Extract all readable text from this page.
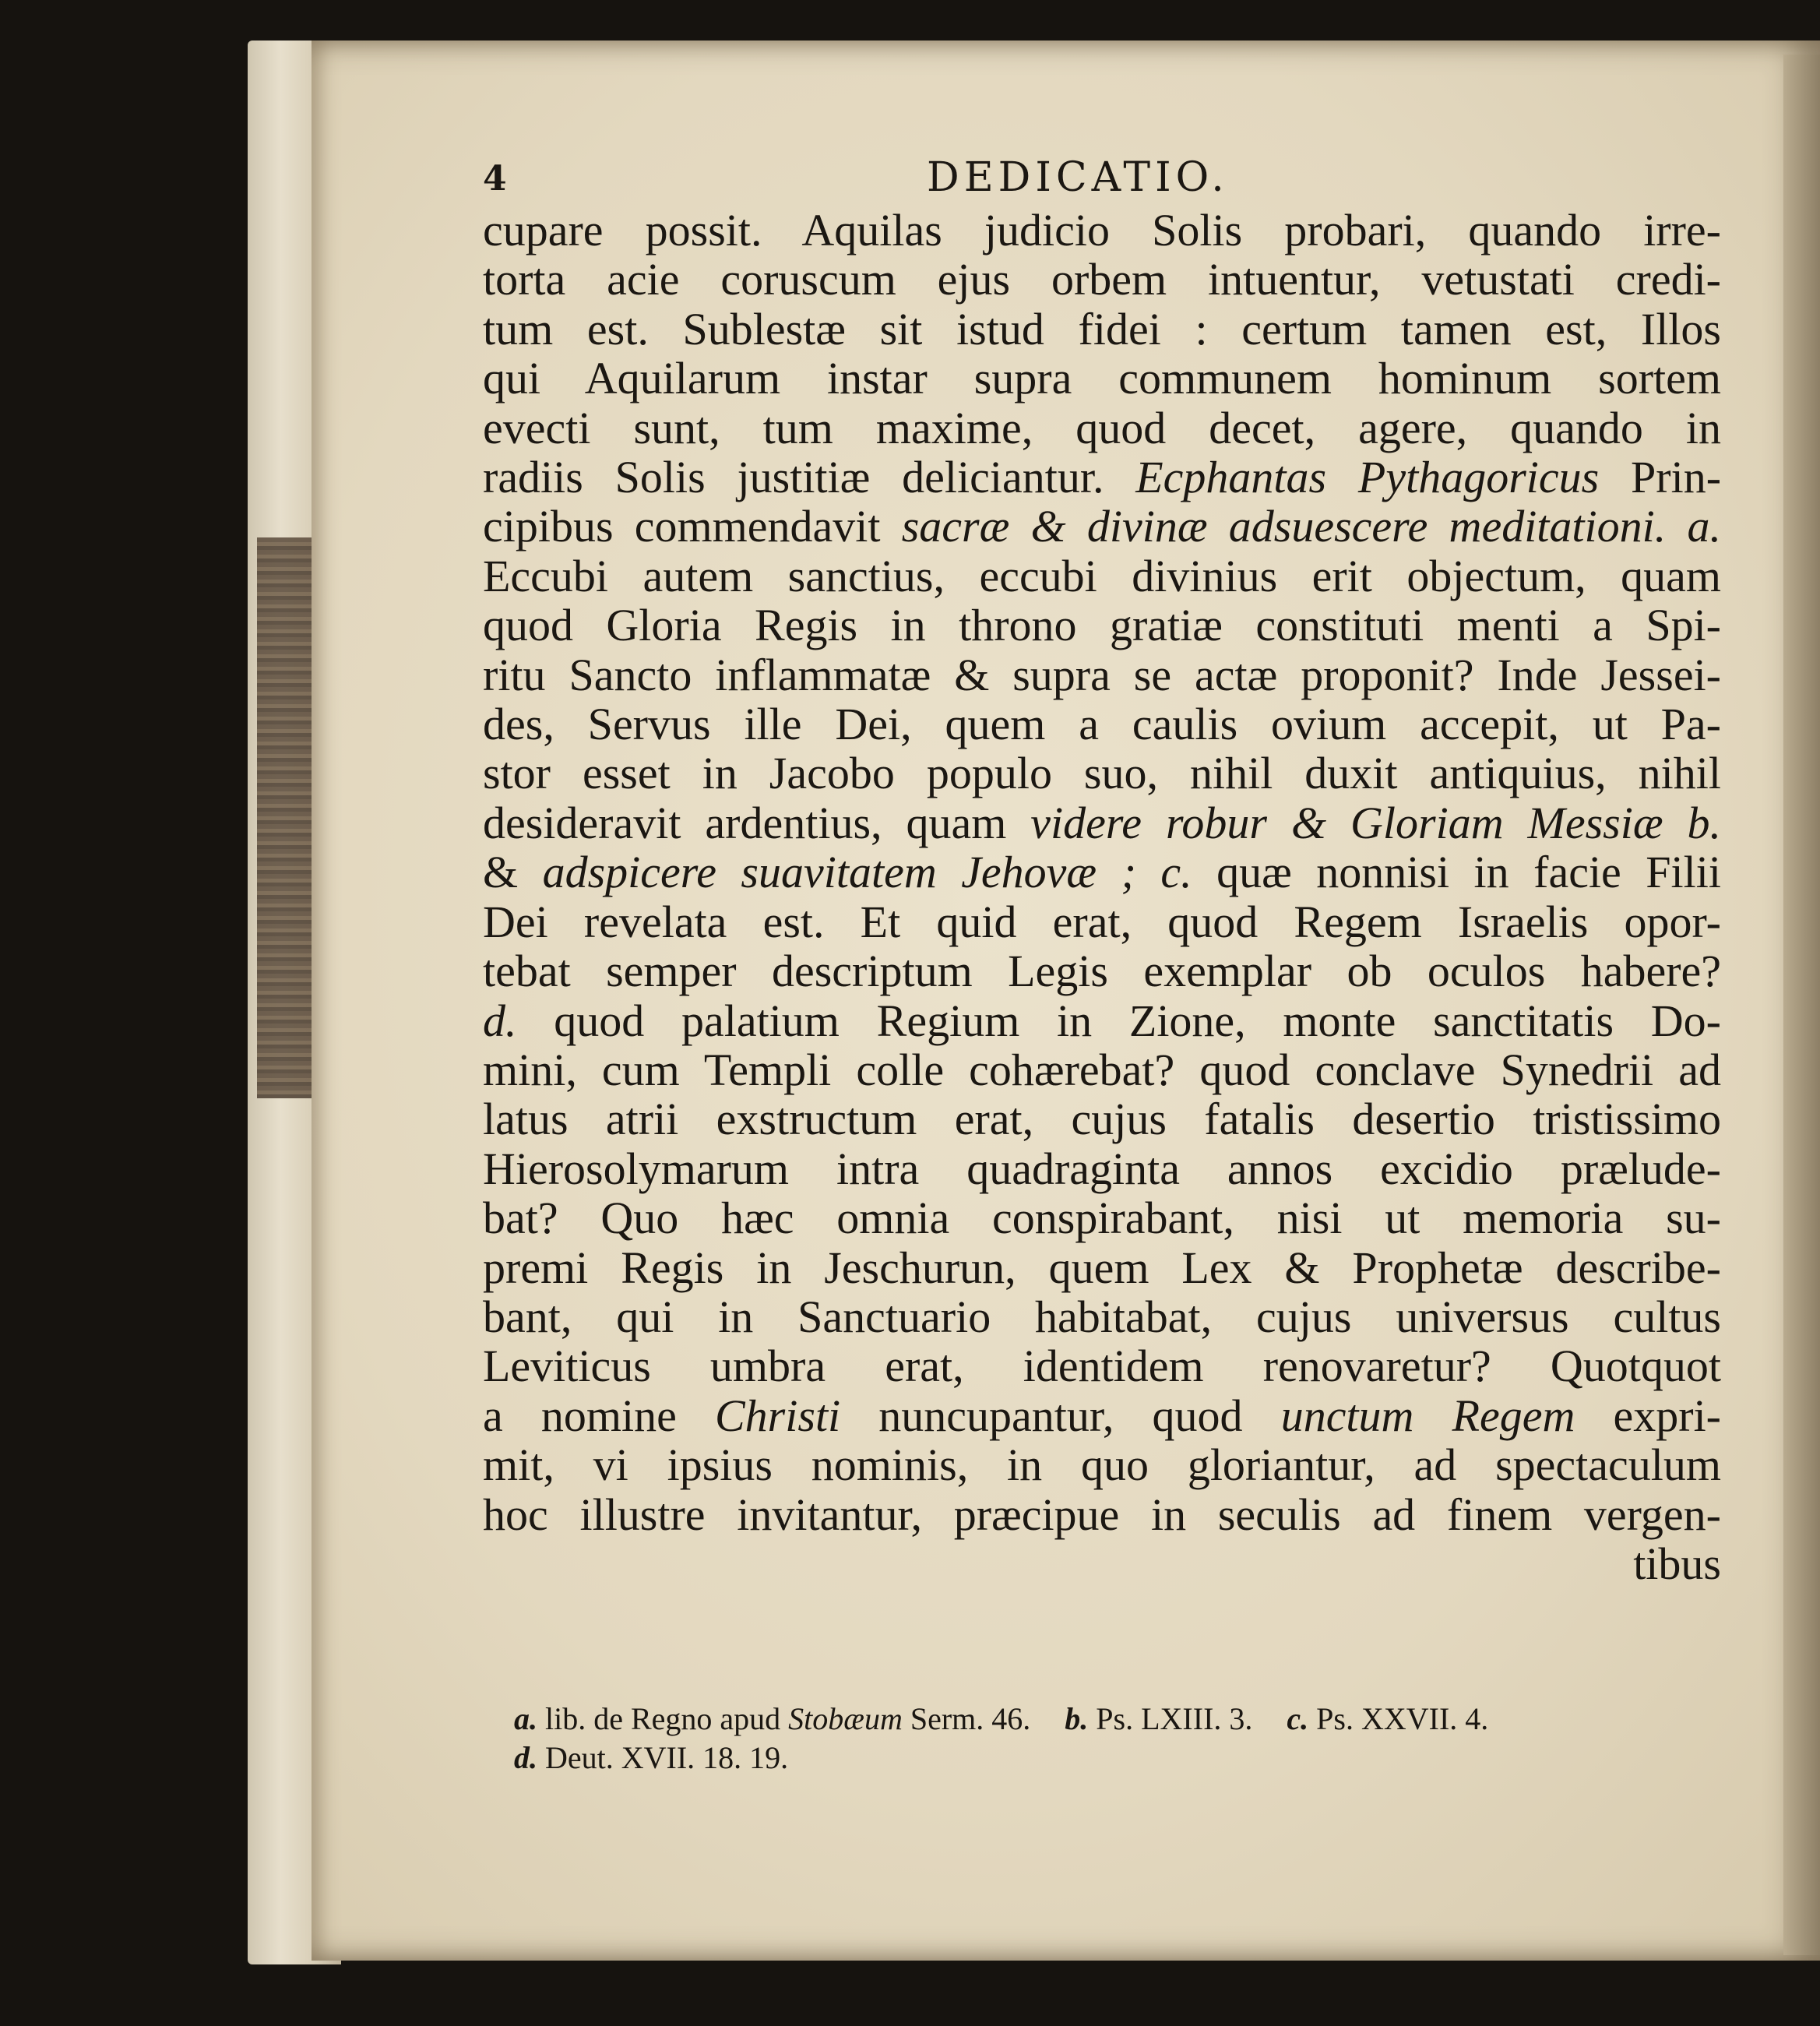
4	DEDICATIO.
cupare possit. Aquilas judicio Solis probari, quando irre-
torta acie coruscum ejus orbem intuentur, vetustati credi-
tum est. Sublestæ sit istud fidei : certum tamen est, Illos
qui Aquilarum instar supra communem hominum sortem
evecti sunt, tum maxime, quod decet, agere, quando in
radiis Solis justitiæ deliciantur. Ecphantas Pythagoricus Prin-
cipibus commendavit sacræ & divinæ adsuescere meditationi. a.
Eccubi autem sanctius, eccubi divinius erit objectum, quam
quod Gloria Regis in throno gratiæ constituti menti a Spi-
ritu Sancto inflammatæ & supra se actæ proponit? Inde Jessei-
des, Servus ille Dei, quem a caulis ovium accepit, ut Pa-
stor esset in Jacobo populo suo, nihil duxit antiquius, nihil
desideravit ardentius, quam videre robur & Gloriam Messiæ b.
& adspicere suavitatem Jehovæ ; c. quæ nonnisi in facie Filii
Dei revelata est. Et quid erat, quod Regem Israelis opor-
tebat semper descriptum Legis exemplar ob oculos habere?
d. quod palatium Regium in Zione, monte sanctitatis Do-
mini, cum Templi colle cohærebat? quod conclave Synedrii ad
latus atrii exstructum erat, cujus fatalis desertio tristissimo
Hierosolymarum intra quadraginta annos excidio prælude-
bat? Quo hæc omnia conspirabant, nisi ut memoria su-
premi Regis in Jeschurun, quem Lex & Prophetæ describe-
bant, qui in Sanctuario habitabat, cujus universus cultus
Leviticus umbra erat, identidem renovaretur? Quotquot
a nomine Christi nuncupantur, quod unctum Regem expri-
mit, vi ipsius nominis, in quo gloriantur, ad spectaculum
hoc illustre invitantur, præcipue in seculis ad finem vergen-
tibus
a. lib. de Regno apud Stobæum Serm. 46. b. Ps. LXIII. 3. c. Ps. XXVII. 4.
d. Deut. XVII. 18. 19.
